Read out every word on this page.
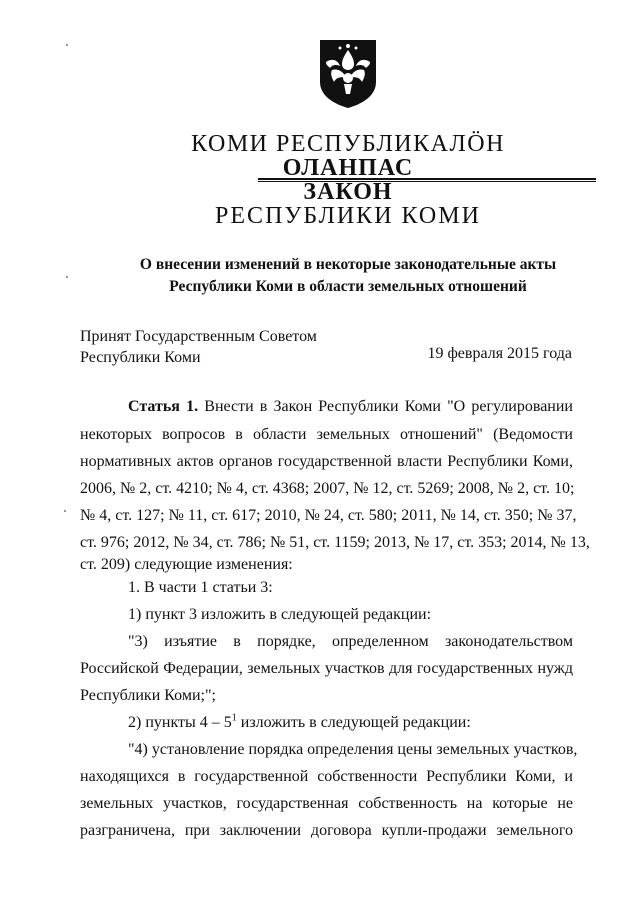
КОМИ РЕСПУБЛИКАЛӦН
ОЛАНПАС
ЗАКОН
РЕСПУБЛИКИ КОМИ
О внесении изменений в некоторые законодательные акты
Республики Коми в области земельных отношений
Принят Государственным Советом
Республики Коми	19 февраля 2015 года
Статья 1. Внести в Закон Республики Коми "О регулировании
некоторых вопросов в области земельных отношений" (Ведомости
нормативных актов органов государственной власти Республики Коми,
2006, № 2, ст. 4210; № 4, ст. 4368; 2007, № 12, ст. 5269; 2008, № 2, ст. 10;
№ 4, ст. 127; № 11, ст. 617; 2010, № 24, ст. 580; 2011, № 14, ст. 350; № 37,
ст. 976; 2012, № 34, ст. 786; № 51, ст. 1159; 2013, № 17, ст. 353; 2014, № 13,
ст. 209) следующие изменения:
1. В части 1 статьи 3:
1) пункт 3 изложить в следующей редакции:
"3) изъятие в порядке, определенном законодательством
Российской Федерации, земельных участков для государственных нужд
Республики Коми;";
2) пункты $4 - 5^1$ изложить в следующей редакции:
"4) установление порядка определения цены земельных участков,
находящихся в государственной собственности Республики Коми, и
земельных участков, государственная собственность на которые не
разграничена, при заключении договора купли-продажи земельного
